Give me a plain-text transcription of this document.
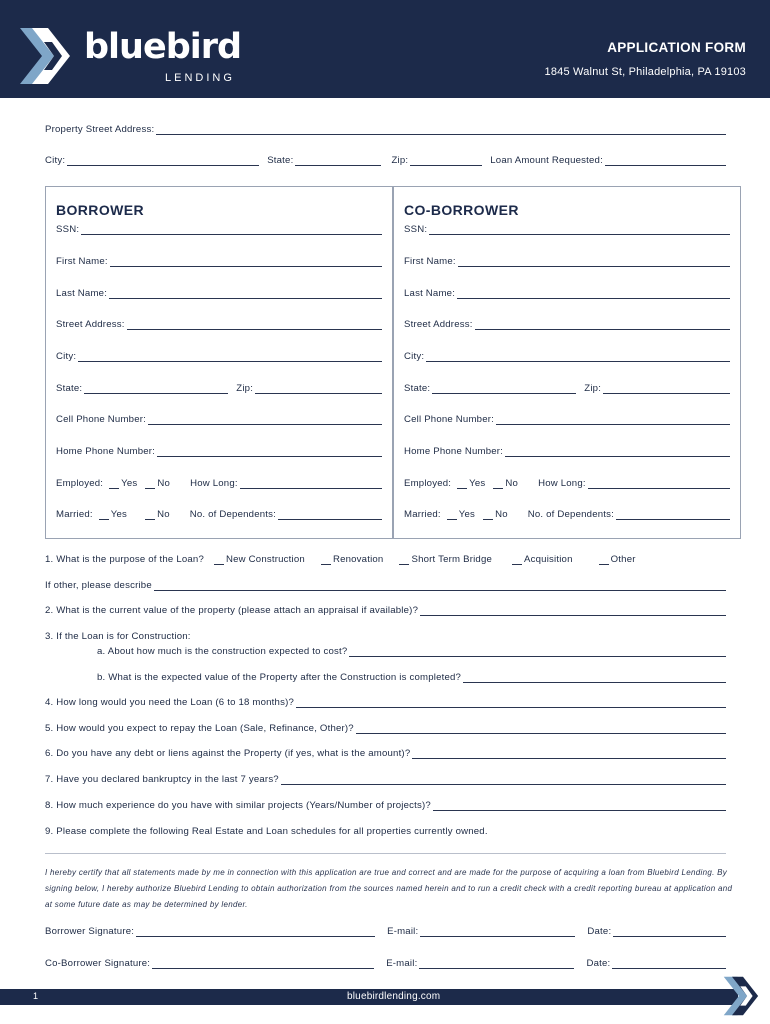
bluebird
LENDING
APPLICATION FORM
1845 Walnut St, Philadelphia, PA 19103
Property Street Address:
City:	State:	Zip:	Loan Amount Requested:
BORROWER
SSN:
First Name:
Last Name:
Street Address:
City:
State:	Zip:
Cell Phone Number:
Home Phone Number:
Employed: Yes No How Long:
Married: Yes	No No. of Dependents:
CO-BORROWER
SSN:
First Name:
Last Name:
Street Address:
City:
State:	Zip:
Cell Phone Number:
Home Phone Number:
Employed: Yes No How Long:
Married: Yes No No. of Dependents:
1. What is the purpose of the Loan? New Construction	Renovation	Short Term Bridge	Acquisition	Other
If other, please describe
2. What is the current value of the property (please attach an appraisal if available)?
3. If the Loan is for Construction:
a. About how much is the construction expected to cost?
b. What is the expected value of the Property after the Construction is completed?
4. How long would you need the Loan (6 to 18 months)?
5. How would you expect to repay the Loan (Sale, Refinance, Other)?
6. Do you have any debt or liens against the Property (if yes, what is the amount)?
7. Have you declared bankruptcy in the last 7 years?
8. How much experience do you have with similar projects (Years/Number of projects)?
9. Please complete the following Real Estate and Loan schedules for all properties currently owned.
I hereby certify that all statements made by me in connection with this application are true and correct and are made for the purpose of acquiring a loan from Bluebird Lending. By signing below, I hereby authorize Bluebird Lending to obtain authorization from the sources named herein and to run a credit check with a credit reporting bureau at application and at some future date as may be determined by lender.
Borrower Signature:	E-mail:	Date:
Co-Borrower Signature:	E-mail:	Date:
1	bluebirdlending.com
